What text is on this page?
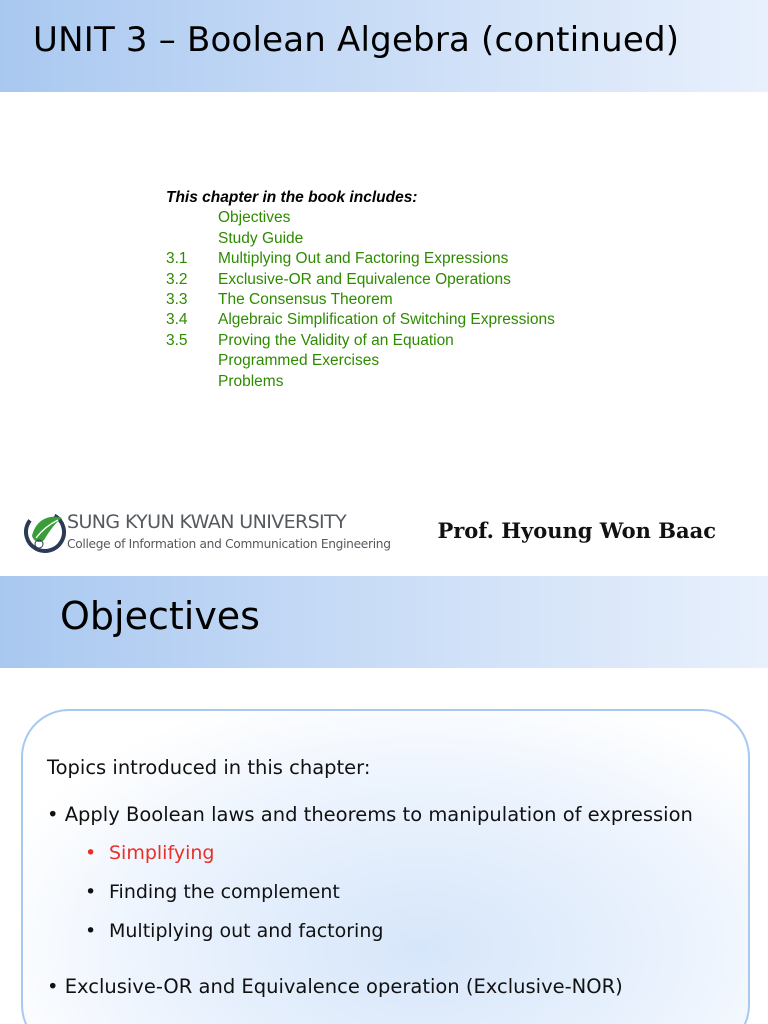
UNIT 3 – Boolean Algebra (continued)
This chapter in the book includes:
Objectives
Study Guide
3.1	Multiplying Out and Factoring Expressions
3.2	Exclusive-OR and Equivalence Operations
3.3	The Consensus Theorem
3.4	Algebraic Simplification of Switching Expressions
3.5	Proving the Validity of an Equation
Programmed Exercises
Problems
SUNG KYUN KWAN UNIVERSITY
College of Information and Communication Engineering
Prof. Hyoung Won Baac
Objectives

Topics introduced in this chapter:

• Apply Boolean laws and theorems to manipulation of expression

• Simplifying
• Finding the complement
• Multiplying out and factoring

• Exclusive-OR and Equivalence operation (Exclusive-NOR)
